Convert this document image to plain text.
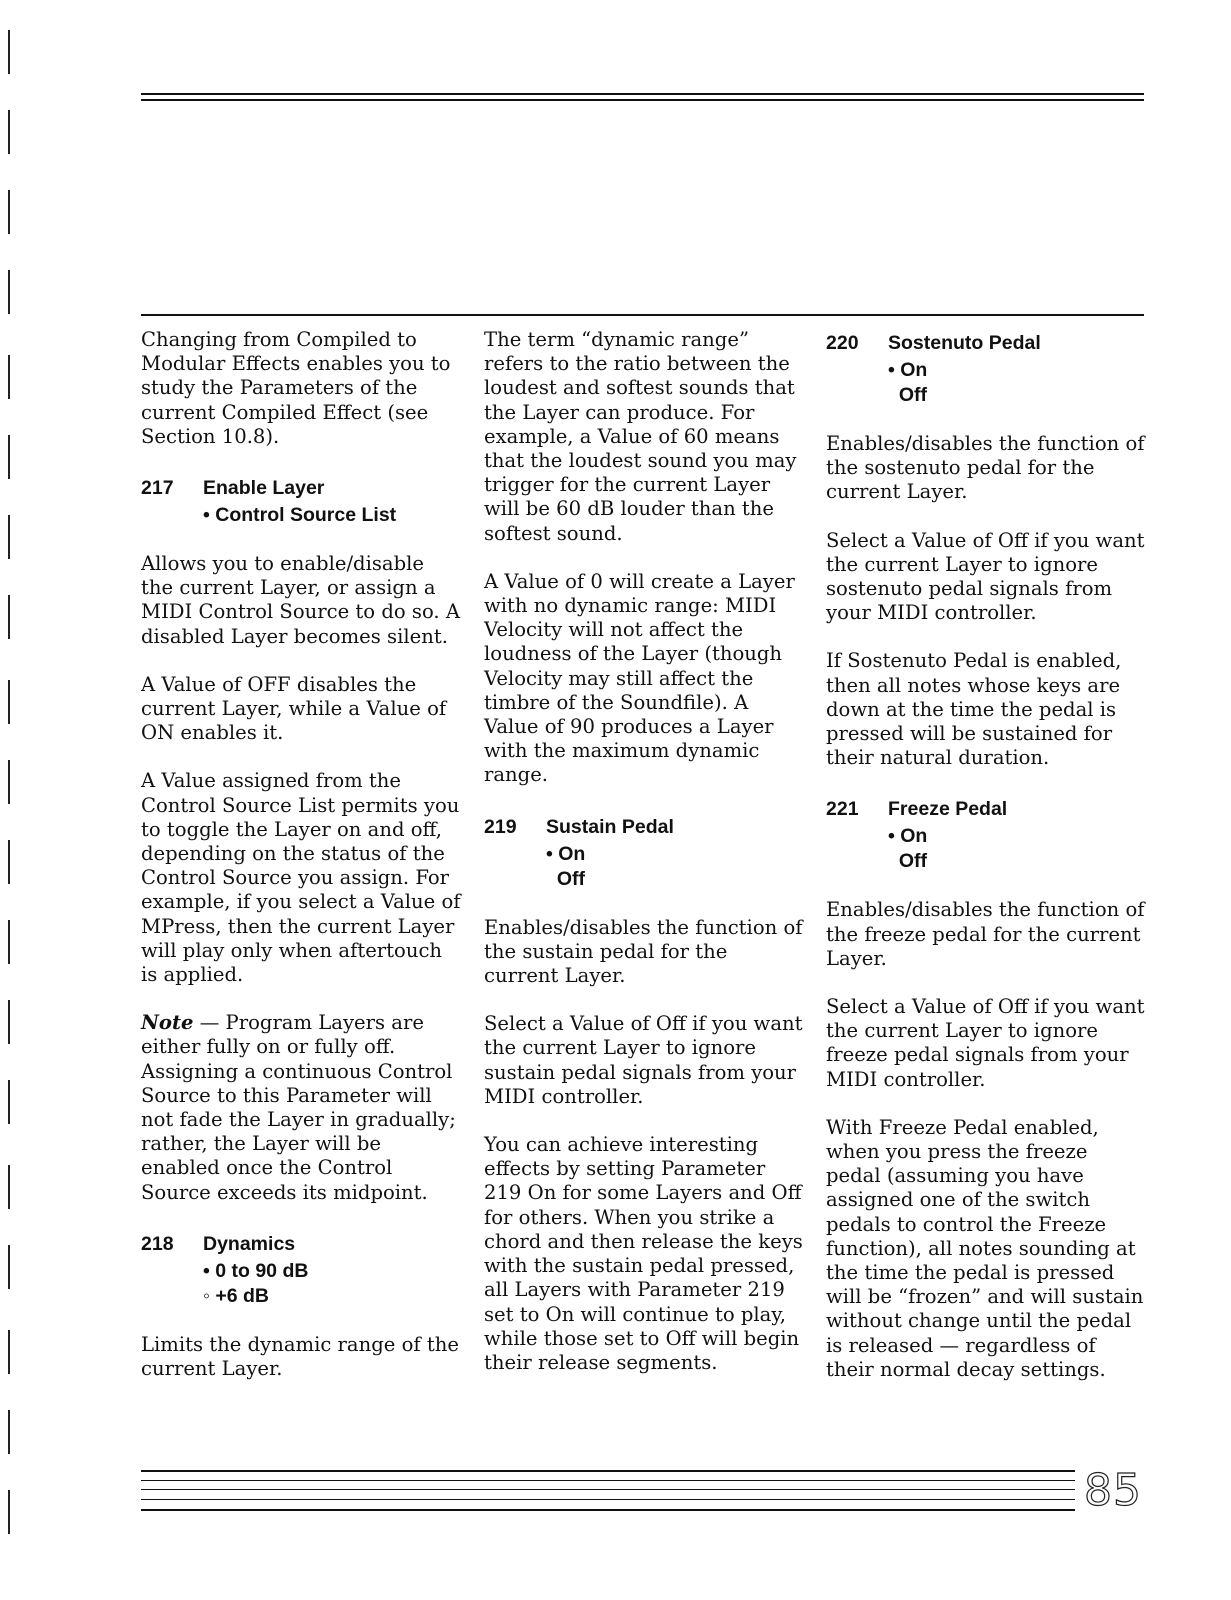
Changing from Compiled to Modular Effects enables you to study the Parameters of the current Compiled Effect (see Section 10.8).

217 Enable Layer
• Control Source List

Allows you to enable/disable the current Layer, or assign a MIDI Control Source to do so. A disabled Layer becomes silent.

A Value of OFF disables the current Layer, while a Value of ON enables it.

A Value assigned from the Control Source List permits you to toggle the Layer on and off, depending on the status of the Control Source you assign. For example, if you select a Value of MPress, then the current Layer will play only when aftertouch is applied.

Note — Program Layers are either fully on or fully off. Assigning a continuous Control Source to this Parameter will not fade the Layer in gradually; rather, the Layer will be enabled once the Control Source exceeds its midpoint.

218 Dynamics
• 0 to 90 dB
◦ +6 dB

Limits the dynamic range of the current Layer.

The term “dynamic range” refers to the ratio between the loudest and softest sounds that the Layer can produce. For example, a Value of 60 means that the loudest sound you may trigger for the current Layer will be 60 dB louder than the softest sound.

A Value of 0 will create a Layer with no dynamic range: MIDI Velocity will not affect the loudness of the Layer (though Velocity may still affect the timbre of the Soundfile). A Value of 90 produces a Layer with the maximum dynamic range.

219 Sustain Pedal
• On
Off

Enables/disables the function of the sustain pedal for the current Layer.

Select a Value of Off if you want the current Layer to ignore sustain pedal signals from your MIDI controller.

You can achieve interesting effects by setting Parameter 219 On for some Layers and Off for others. When you strike a chord and then release the keys with the sustain pedal pressed, all Layers with Parameter 219 set to On will continue to play, while those set to Off will begin their release segments.

220 Sostenuto Pedal
• On
Off

Enables/disables the function of the sostenuto pedal for the current Layer.

Select a Value of Off if you want the current Layer to ignore sostenuto pedal signals from your MIDI controller.

If Sostenuto Pedal is enabled, then all notes whose keys are down at the time the pedal is pressed will be sustained for their natural duration.

221 Freeze Pedal
• On
Off

Enables/disables the function of the freeze pedal for the current Layer.

Select a Value of Off if you want the current Layer to ignore freeze pedal signals from your MIDI controller.

With Freeze Pedal enabled, when you press the freeze pedal (assuming you have assigned one of the switch pedals to control the Freeze function), all notes sounding at the time the pedal is pressed will be “frozen” and will sustain without change until the pedal is released — regardless of their normal decay settings.

85
